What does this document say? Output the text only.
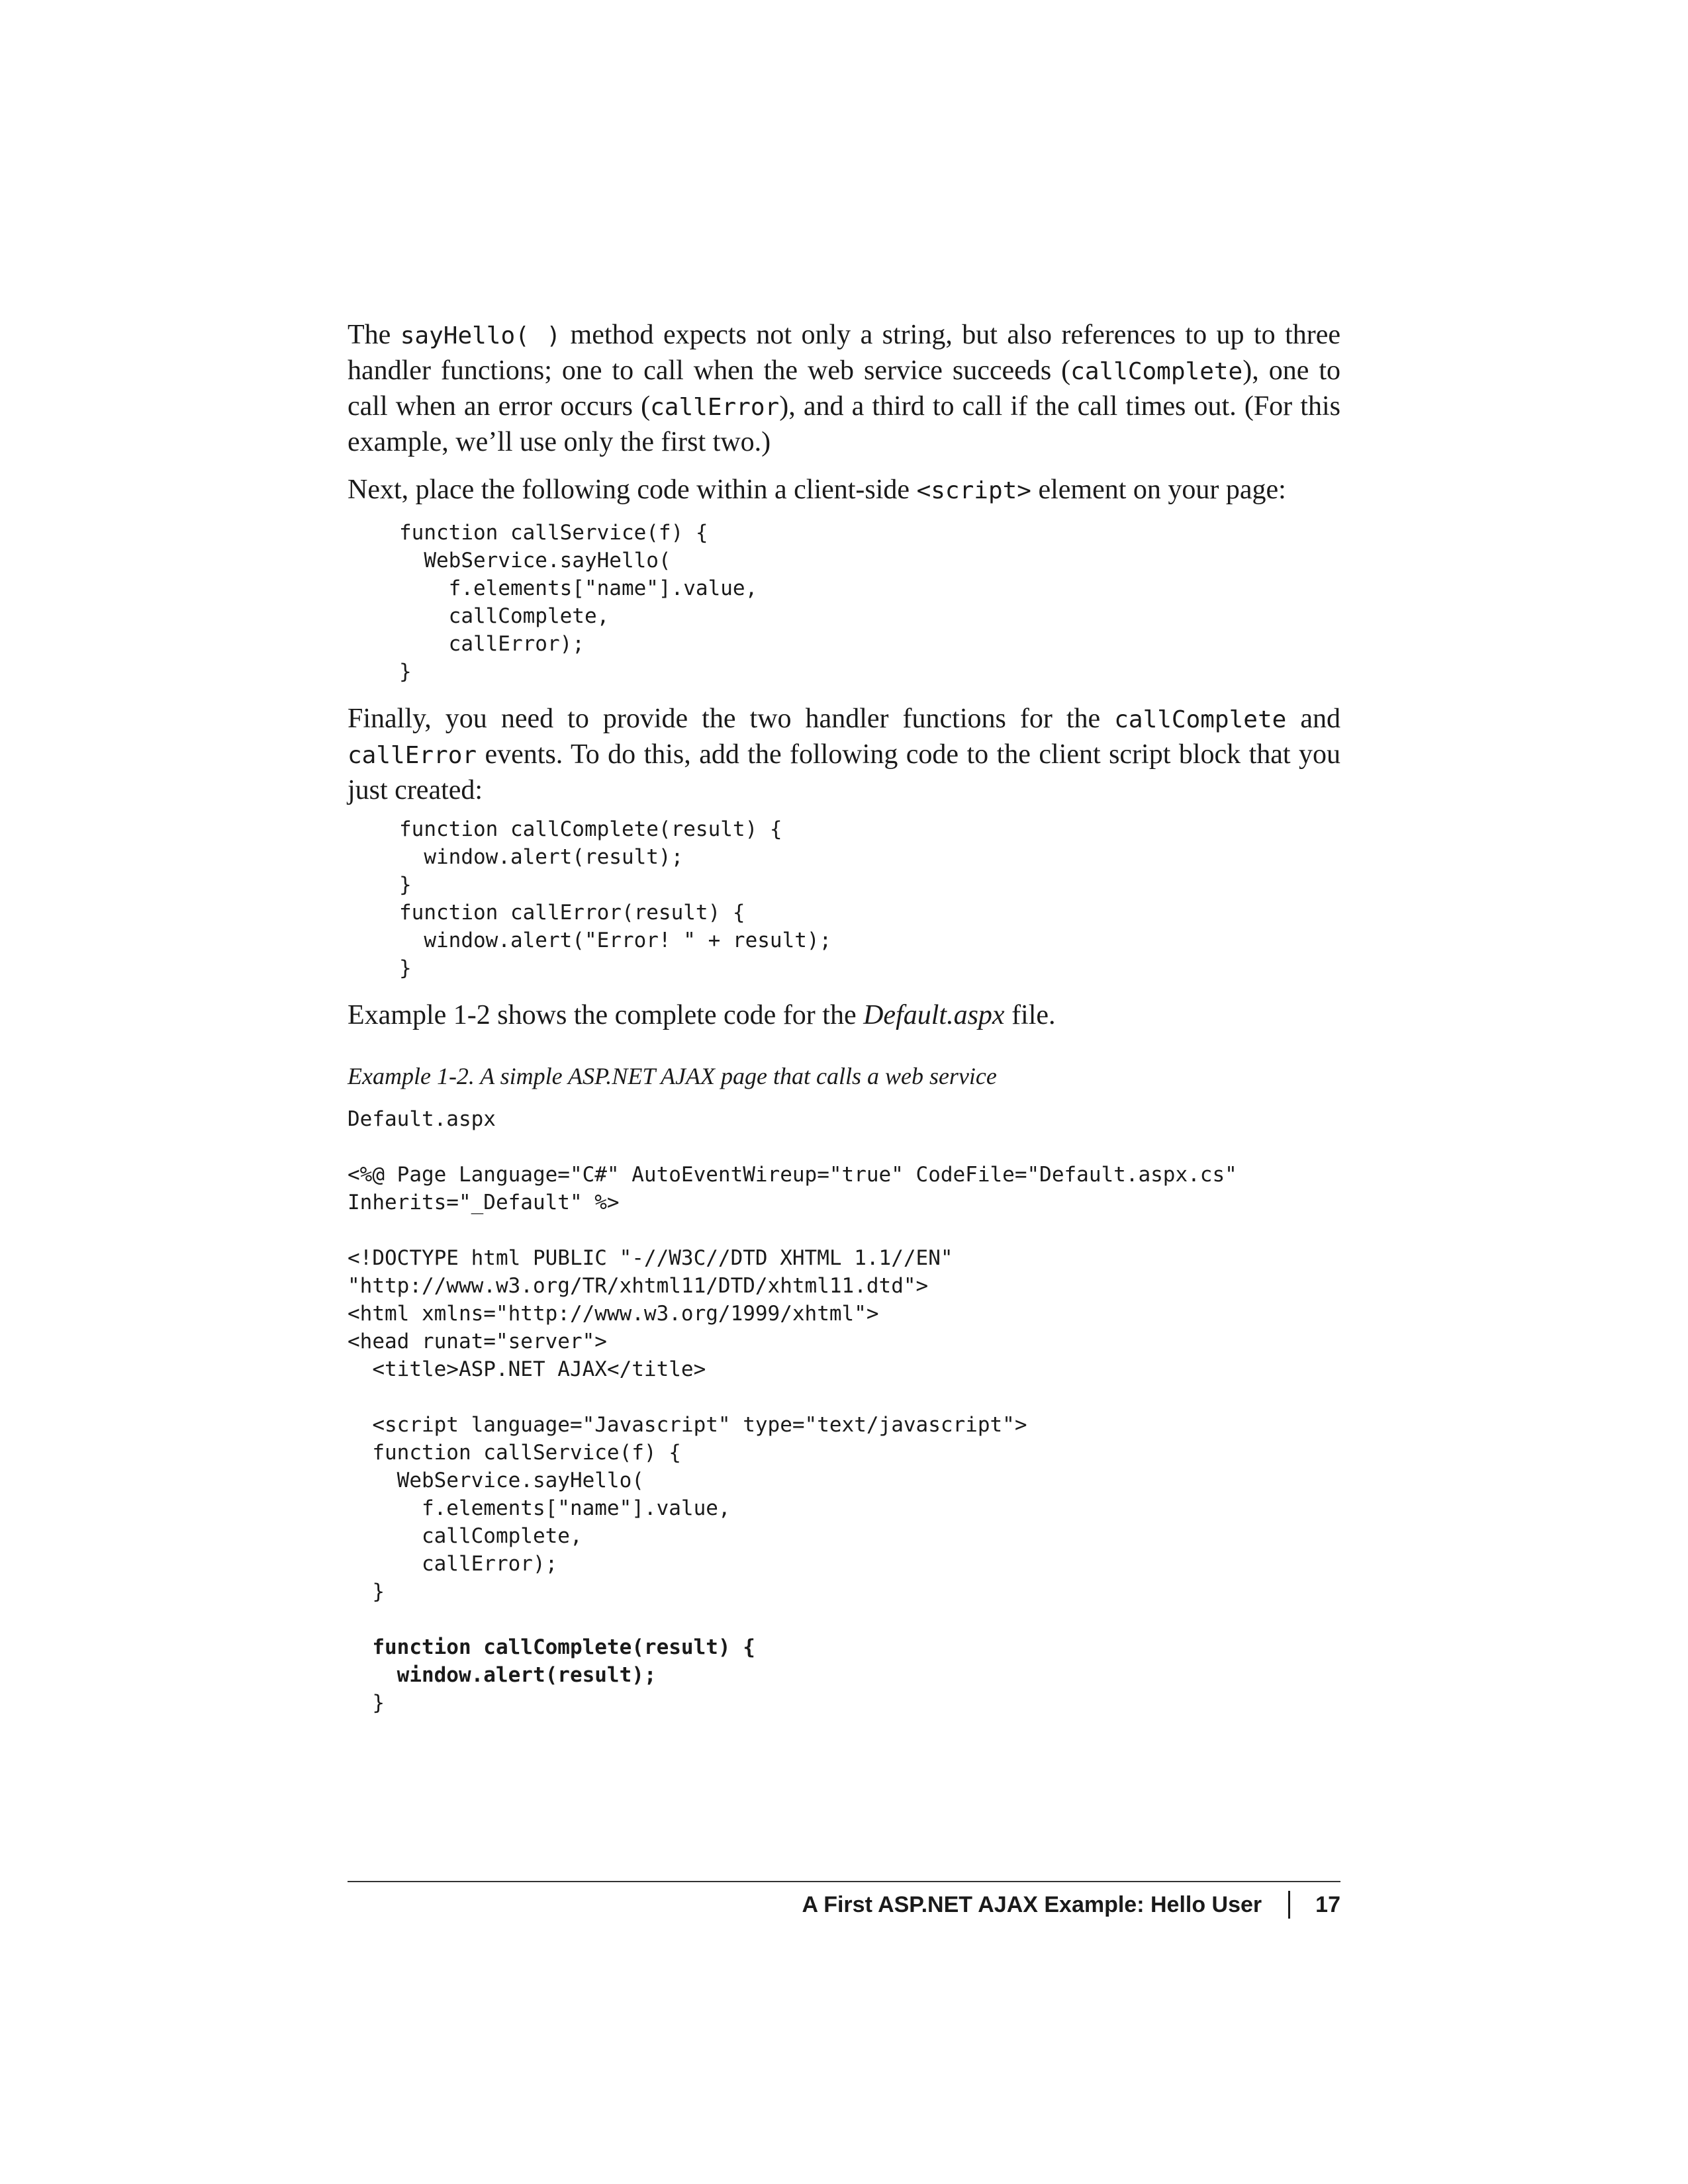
The sayHello( ) method expects not only a string, but also references to up to three handler functions; one to call when the web service succeeds (callComplete), one to call when an error occurs (callError), and a third to call if the call times out. (For this example, we’ll use only the first two.)

Next, place the following code within a client-side <script> element on your page:

function callService(f) {
WebService.sayHello(
f.elements["name"].value,
callComplete,
callError);
}

Finally, you need to provide the two handler functions for the callComplete and callError events. To do this, add the following code to the client script block that you just created:

function callComplete(result) {
window.alert(result);
}
function callError(result) {
window.alert("Error! " + result);
}

Example 1-2 shows the complete code for the Default.aspx file.

Example 1-2. A simple ASP.NET AJAX page that calls a web service

Default.aspx
<%@ Page Language="C#" AutoEventWireup="true" CodeFile="Default.aspx.cs"
Inherits="_Default" %>

<!DOCTYPE html PUBLIC "-//W3C//DTD XHTML 1.1//EN"
"http://www.w3.org/TR/xhtml11/DTD/xhtml11.dtd">
<html xmlns="http://www.w3.org/1999/xhtml">
<head runat="server">
<title>ASP.NET AJAX</title>

<script language="Javascript" type="text/javascript">
function callService(f) {
WebService.sayHello(
f.elements["name"].value,
callComplete,
callError);
}

function callComplete(result) {
window.alert(result);
}
A First ASP.NET AJAX Example: Hello User 17
